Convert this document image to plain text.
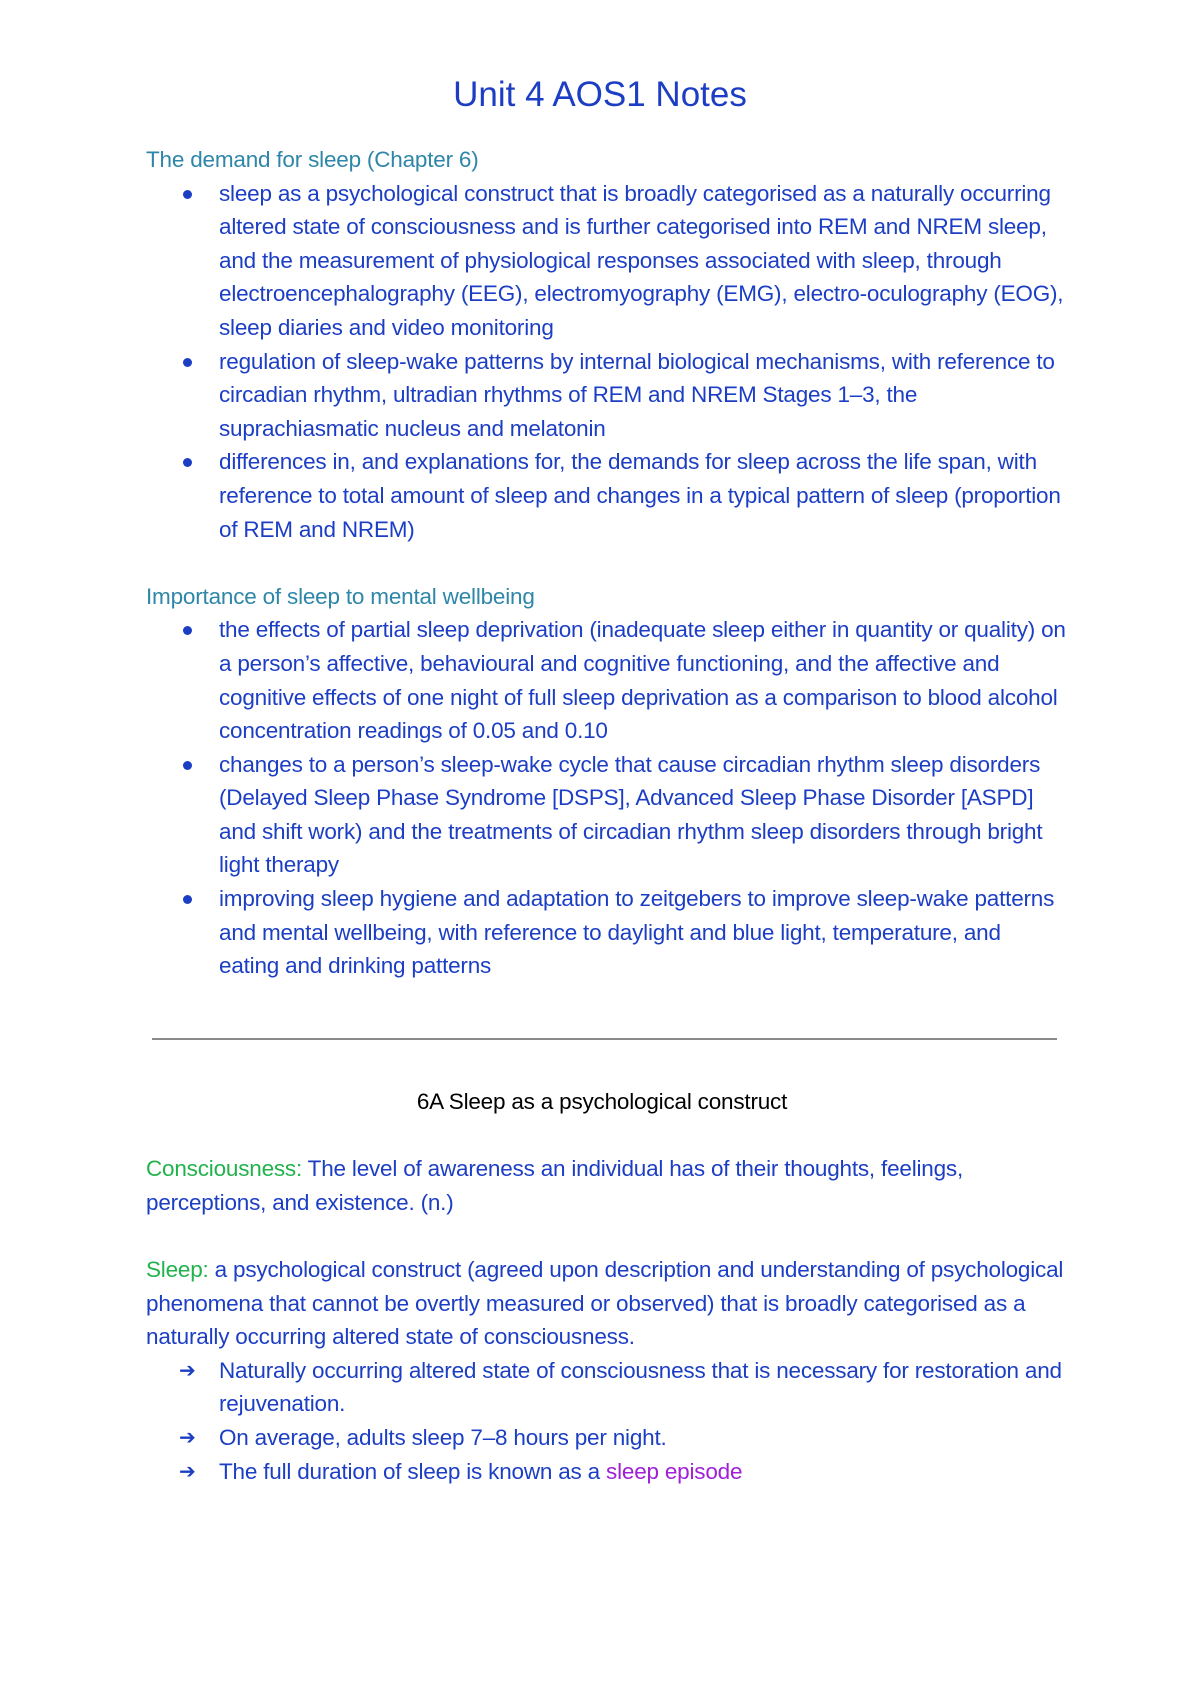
Unit 4 AOS1 Notes

The demand for sleep (Chapter 6)

sleep as a psychological construct that is broadly categorised as a naturally occurring altered state of consciousness and is further categorised into REM and NREM sleep, and the measurement of physiological responses associated with sleep, through electroencephalography (EEG), electromyography (EMG), electro-oculography (EOG), sleep diaries and video monitoring
regulation of sleep-wake patterns by internal biological mechanisms, with reference to circadian rhythm, ultradian rhythms of REM and NREM Stages 1–3, the suprachiasmatic nucleus and melatonin
differences in, and explanations for, the demands for sleep across the life span, with reference to total amount of sleep and changes in a typical pattern of sleep (proportion of REM and NREM)

Importance of sleep to mental wellbeing

the effects of partial sleep deprivation (inadequate sleep either in quantity or quality) on a person’s affective, behavioural and cognitive functioning, and the affective and cognitive effects of one night of full sleep deprivation as a comparison to blood alcohol concentration readings of 0.05 and 0.10
changes to a person’s sleep-wake cycle that cause circadian rhythm sleep disorders (Delayed Sleep Phase Syndrome [DSPS], Advanced Sleep Phase Disorder [ASPD] and shift work) and the treatments of circadian rhythm sleep disorders through bright light therapy
improving sleep hygiene and adaptation to zeitgebers to improve sleep-wake patterns and mental wellbeing, with reference to daylight and blue light, temperature, and eating and drinking patterns

6A Sleep as a psychological construct

Consciousness: The level of awareness an individual has of their thoughts, feelings, perceptions, and existence. (n.)

Sleep: a psychological construct (agreed upon description and understanding of psychological phenomena that cannot be overtly measured or observed) that is broadly categorised as a naturally occurring altered state of consciousness.

➔ Naturally occurring altered state of consciousness that is necessary for restoration and rejuvenation.
➔ On average, adults sleep 7–8 hours per night.
➔ The full duration of sleep is known as a sleep episode
